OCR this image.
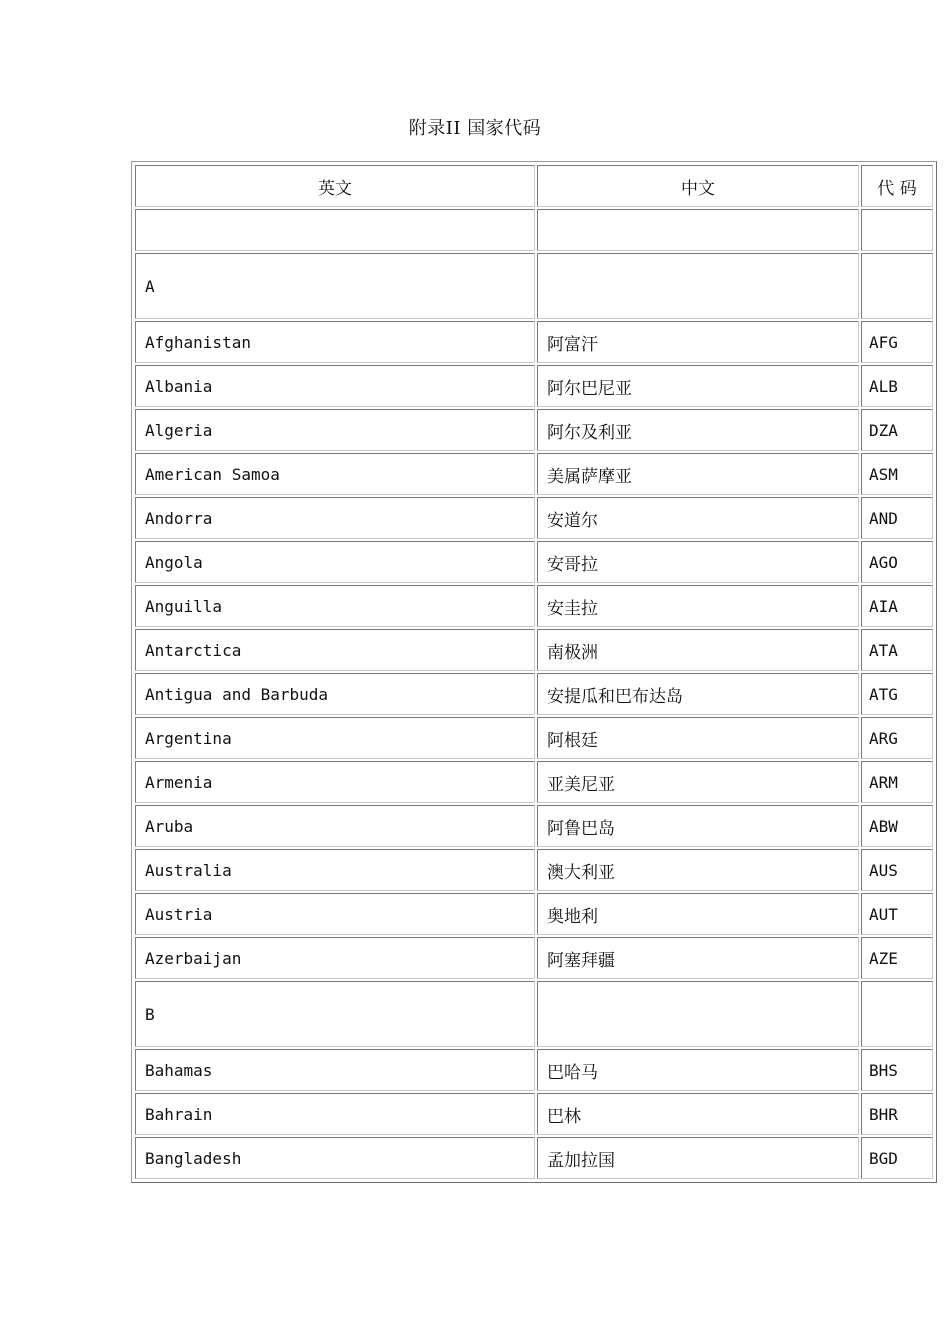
附录II 国家代码
英文	中文	代 码

A		
Afghanistan	阿富汗	AFG
Albania	阿尔巴尼亚	ALB
Algeria	阿尔及利亚	DZA
American Samoa	美属萨摩亚	ASM
Andorra	安道尔	AND
Angola	安哥拉	AGO
Anguilla	安圭拉	AIA
Antarctica	南极洲	ATA
Antigua and Barbuda	安提瓜和巴布达岛	ATG
Argentina	阿根廷	ARG
Armenia	亚美尼亚	ARM
Aruba	阿鲁巴岛	ABW
Australia	澳大利亚	AUS
Austria	奥地利	AUT
Azerbaijan	阿塞拜疆	AZE
B		
Bahamas	巴哈马	BHS
Bahrain	巴林	BHR
Bangladesh	孟加拉国	BGD
